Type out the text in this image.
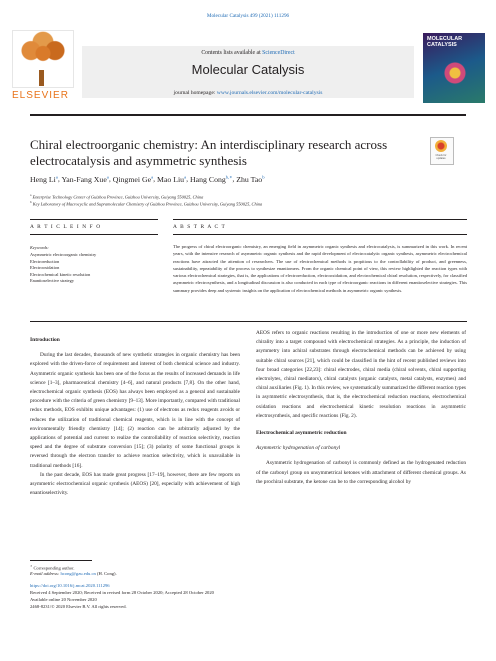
Molecular Catalysis 499 (2021) 111296
ELSEVIER
Contents lists available at ScienceDirect
Molecular Catalysis
journal homepage: www.journals.elsevier.com/molecular-catalysis
MOLECULAR CATALYSIS
Chiral electroorganic chemistry: An interdisciplinary research across electrocatalysis and asymmetric synthesis	Check for updates
Heng Li$^a$, Yan-Fang Xue$^a$, Qingmei Ge$^a$, Mao Liu$^a$, Hang Cong$^{b,∗}$, Zhu Tao$^b$
$^a$ Enterprise Technology Center of Guizhou Province, Guizhou University, Guiyang 550025, China
$^b$ Key Laboratory of Macrocyclic and Supramolecular Chemistry of Guizhou Province, Guizhou University, Guiyang 550025, China
A R T I C L E I N F O	A B S T R A C T
Keywords:
Asymmetric electroorganic chemistry
Electroreduction
Electrooxidation
Electrochemical kinetic resolution
Enantioselective strategy
The progress of chiral electroorganic chemistry, an emerging field in asymmetric organic synthesis and electrocatalysis, is summarized in this work. In recent years, with the intensive research of asymmetric organic synthesis and the rapid development of electrocatalytic organic synthesis, asymmetric electrochemical reactions have attracted the attention of researchers. The use of electrochemical methods is propitious to the controllability of product, and greenness, sustainability, repeatability of the process to synthesize enantiomers. From the organic chemical point of view, this review highlighted the reaction types with various electrochemical strategies, that is, the applications of electroreduction, electrooxidation, and electrochemical chiral resolution, respectively, for classified asymmetric electrosynthesis, and a longitudinal discussion is also conducted in each type of electroorganic reactions in different enantioselective strategies. This summary provides deep and systemic insights on the application of electrochemical methods in asymmetric organic synthesis.
Introduction
During the last decades, thousands of new synthetic strategies in organic chemistry has been explored with the driven-force of requirement and interest of both chemical science and industry. Asymmetric organic synthesis has been one of the focus as the results of increased demands in life science [1–3], pharmaceutical chemistry [4–6], and natural products [7,8]. On the other hand, electrochemical organic synthesis (EOS) has always been employed as a general and sustainable procedure with the criteria of green chemistry [9–13]. More importantly, compared with traditional redox methods, EOS exhibits unique advantages: (1) use of electrons as redox reagents avoids or reduces the utilization of traditional chemical reagents, which is in line with the concept of environmentally friendly chemistry [14]; (2) reaction can be arbitrarily adjusted by the applications of potential and current to realize the controllability of reaction selectivity, reaction speed and the degree of substrate conversion [15]; (3) polarity of some functional groups is reversed through the electron transfer to achieve reaction selectivity, which is unavailable in traditional methods [16].
In the past decade, EOS has made great progress [17–19], however, there are few reports on asymmetric electrochemical organic synthesis (AEOS) [20], especially with achievement of high enantioselectivity.
AEOS refers to organic reactions resulting in the introduction of one or more new elements of chirality into a target compound with electrochemical strategies. As a principle, the induction of asymmetry into achiral substrates through electrochemical methods can be achieved by using suitable chiral sources [21], which could be classified in the hint of recent published reviews into four broad categories [22,23]: chiral electrodes, chiral media (chiral solvents, chiral supporting electrolytes, chiral mediators), chiral catalysts (organic catalysts, metal catalysts, enzymes) and chiral auxiliaries (Fig. 1). In this review, we systematically summarized the different reaction types in asymmetric electrosynthesis, that is, the electrochemical reduction reactions, electrochemical oxidation reactions and electrochemical kinetic resolution reactions in asymmetric electrosynthesis, and specific reactions (Fig. 2).
Electrochemical asymmetric reduction
Asymmetric hydrogenation of carbonyl
Asymmetric hydrogenation of carbonyl is commonly defined as the hydrogenated reduction of the carbonyl group on unsymmetrical ketones with attachment of different chemical groups. As the prochiral substrate, the ketone can be to the corresponding alcohol by
∗ Corresponding author.
E-mail address: hcong@gzu.edu.cn (H. Cong).
https://doi.org/10.1016/j.mcat.2020.111296
Received 4 September 2020; Received in revised form 28 October 2020; Accepted 28 October 2020
Available online 20 November 2020
2468-8231/© 2020 Elsevier B.V. All rights reserved.
